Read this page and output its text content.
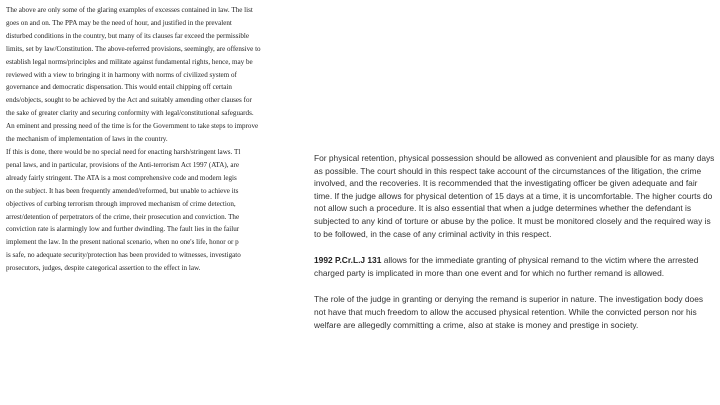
The above are only some of the glaring examples of excesses contained in law. The list
goes on and on. The PPA may be the need of hour, and justified in the prevalent
disturbed conditions in the country, but many of its clauses far exceed the permissible
limits, set by law/Constitution. The above-referred provisions, seemingly, are offensive to
establish legal norms/principles and militate against fundamental rights, hence, may be
reviewed with a view to bringing it in harmony with norms of civilized system of
governance and democratic dispensation. This would entail chipping off certain
ends/objects, sought to be achieved by the Act and suitably amending other clauses for
the sake of greater clarity and securing conformity with legal/constitutional safeguards.
An eminent and pressing need of the time is for the Government to take steps to improve
the mechanism of implementation of laws in the country.
If this is done, there would be no special need for enacting harsh/stringent laws. Tl
penal laws, and in particular, provisions of the Anti-terrorism Act 1997 (ATA), are
already fairly stringent. The ATA is a most comprehensive code and modern legis
on the subject. It has been frequently amended/reformed, but unable to achieve its
objectives of curbing terrorism through improved mechanism of crime detection,
arrest/detention of perpetrators of the crime, their prosecution and conviction. The
conviction rate is alarmingly low and further dwindling. The fault lies in the failur
implement the law. In the present national scenario, when no one's life, honor or p
is safe, no adequate security/protection has been provided to witnesses, investigato
prosecutors, judges, despite categorical assertion to the effect in law.

For physical retention, physical possession should be allowed as convenient and plausible for as many days as possible. The court should in this respect take account of the circumstances of the litigation, the crime involved, and the recoveries. It is recommended that the investigating officer be given adequate and fair time. If the judge allows for physical detention of 15 days at a time, it is uncomfortable. The higher courts do not allow such a procedure. It is also essential that when a judge determines whether the defendant is subjected to any kind of torture or abuse by the police. It must be monitored closely and the required way is to be followed, in the case of any criminal activity in this respect.

1992 P.Cr.L.J 131 allows for the immediate granting of physical remand to the victim where the arrested charged party is implicated in more than one event and for which no further remand is allowed.

The role of the judge in granting or denying the remand is superior in nature. The investigation body does not have that much freedom to allow the accused physical retention. While the convicted person nor his welfare are allegedly committing a crime, also at stake is money and prestige in society.
